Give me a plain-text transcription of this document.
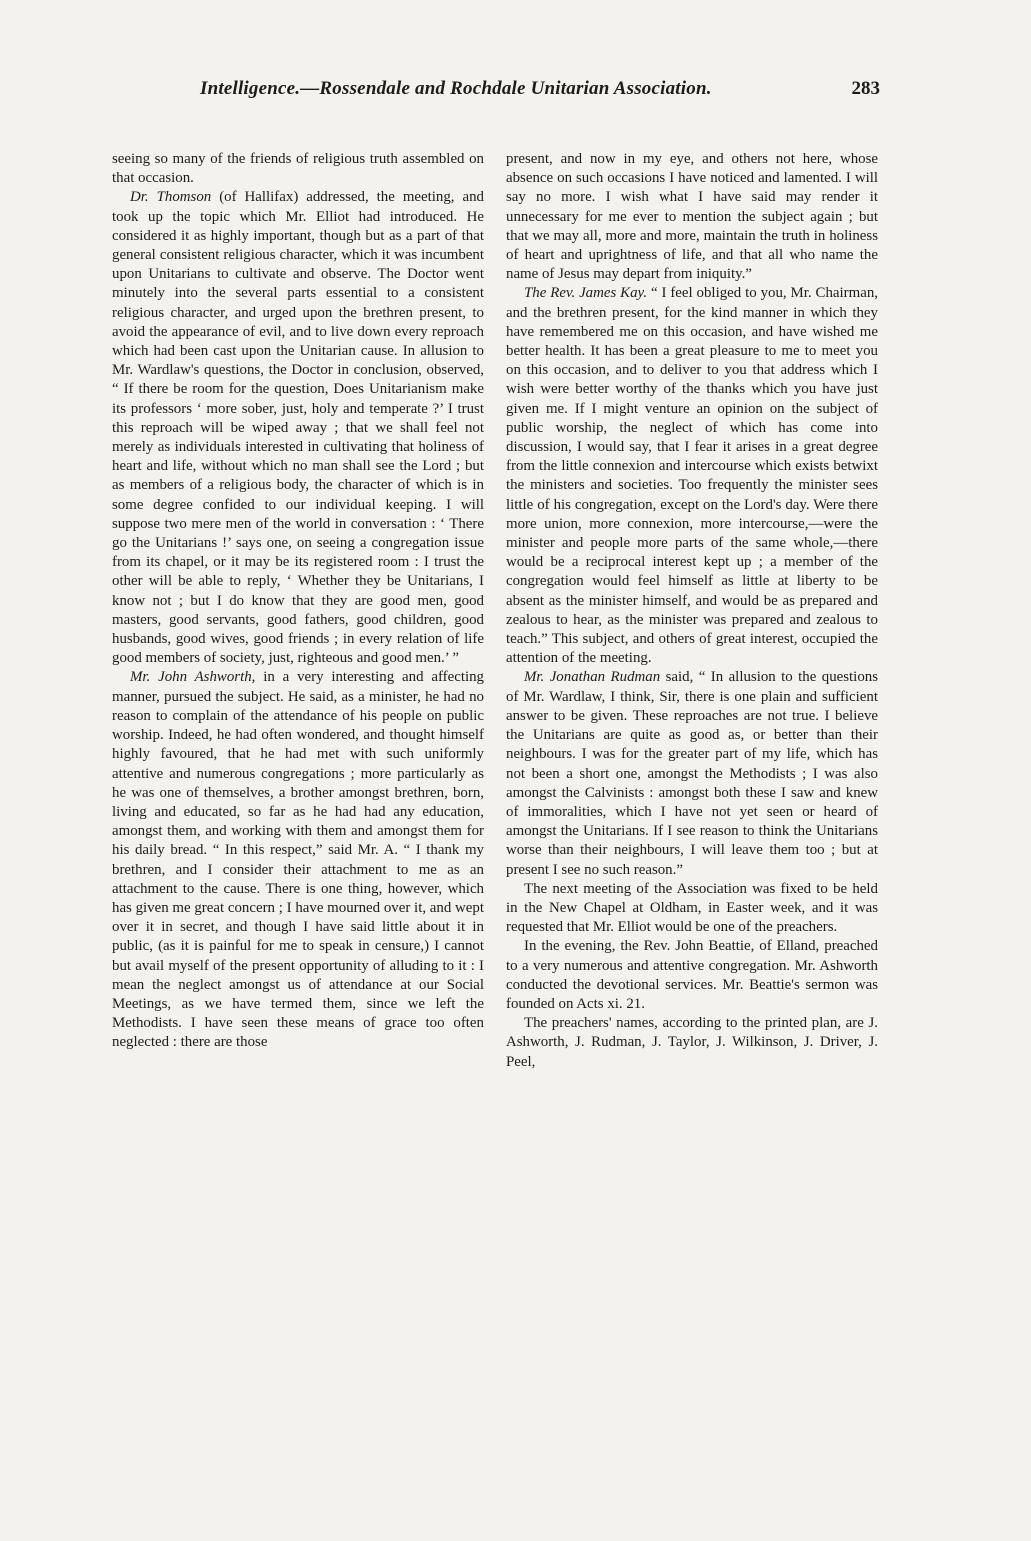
Intelligence.—Rossendale and Rochdale Unitarian Association.	283

seeing so many of the friends of religious truth assembled on that occasion.

Dr. Thomson (of Hallifax) addressed, the meeting, and took up the topic which Mr. Elliot had introduced. He considered it as highly important, though but as a part of that general consistent religious character, which it was incumbent upon Unitarians to cultivate and observe. The Doctor went minutely into the several parts essential to a consistent religious character, and urged upon the brethren present, to avoid the appearance of evil, and to live down every reproach which had been cast upon the Unitarian cause. In allusion to Mr. Wardlaw's questions, the Doctor in conclusion, observed, “ If there be room for the question, Does Unitarianism make its professors ‘ more sober, just, holy and temperate ?’ I trust this reproach will be wiped away ; that we shall feel not merely as individuals interested in cultivating that holiness of heart and life, without which no man shall see the Lord ; but as members of a religious body, the character of which is in some degree confided to our individual keeping. I will suppose two mere men of the world in conversation : ‘ There go the Unitarians !’ says one, on seeing a congregation issue from its chapel, or it may be its registered room : I trust the other will be able to reply, ‘ Whether they be Unitarians, I know not ; but I do know that they are good men, good masters, good servants, good fathers, good children, good husbands, good wives, good friends ; in every relation of life good members of society, just, righteous and good men.’ ”

Mr. John Ashworth, in a very interesting and affecting manner, pursued the subject. He said, as a minister, he had no reason to complain of the attendance of his people on public worship. Indeed, he had often wondered, and thought himself highly favoured, that he had met with such uniformly attentive and numerous congregations ; more particularly as he was one of themselves, a brother amongst brethren, born, living and educated, so far as he had had any education, amongst them, and working with them and amongst them for his daily bread. “ In this respect,” said Mr. A. “ I thank my brethren, and I consider their attachment to me as an attachment to the cause. There is one thing, however, which has given me great concern ; I have mourned over it, and wept over it in secret, and though I have said little about it in public, (as it is painful for me to speak in censure,) I cannot but avail myself of the present opportunity of alluding to it : I mean the neglect amongst us of attendance at our Social Meetings, as we have termed them, since we left the Methodists. I have seen these means of grace too often neglected : there are those

present, and now in my eye, and others not here, whose absence on such occasions I have noticed and lamented. I will say no more. I wish what I have said may render it unnecessary for me ever to mention the subject again ; but that we may all, more and more, maintain the truth in holiness of heart and uprightness of life, and that all who name the name of Jesus may depart from iniquity.”

The Rev. James Kay. “ I feel obliged to you, Mr. Chairman, and the brethren present, for the kind manner in which they have remembered me on this occasion, and have wished me better health. It has been a great pleasure to me to meet you on this occasion, and to deliver to you that address which I wish were better worthy of the thanks which you have just given me. If I might venture an opinion on the subject of public worship, the neglect of which has come into discussion, I would say, that I fear it arises in a great degree from the little connexion and intercourse which exists betwixt the ministers and societies. Too frequently the minister sees little of his congregation, except on the Lord's day. Were there more union, more connexion, more intercourse,—were the minister and people more parts of the same whole,—there would be a reciprocal interest kept up ; a member of the congregation would feel himself as little at liberty to be absent as the minister himself, and would be as prepared and zealous to hear, as the minister was prepared and zealous to teach.” This subject, and others of great interest, occupied the attention of the meeting.

Mr. Jonathan Rudman said, “ In allusion to the questions of Mr. Wardlaw, I think, Sir, there is one plain and sufficient answer to be given. These reproaches are not true. I believe the Unitarians are quite as good as, or better than their neighbours. I was for the greater part of my life, which has not been a short one, amongst the Methodists ; I was also amongst the Calvinists : amongst both these I saw and knew of immoralities, which I have not yet seen or heard of amongst the Unitarians. If I see reason to think the Unitarians worse than their neighbours, I will leave them too ; but at present I see no such reason.”

The next meeting of the Association was fixed to be held in the New Chapel at Oldham, in Easter week, and it was requested that Mr. Elliot would be one of the preachers.

In the evening, the Rev. John Beattie, of Elland, preached to a very numerous and attentive congregation. Mr. Ashworth conducted the devotional services. Mr. Beattie's sermon was founded on Acts xi. 21.

The preachers' names, according to the printed plan, are J. Ashworth, J. Rudman, J. Taylor, J. Wilkinson, J. Driver, J. Peel,
